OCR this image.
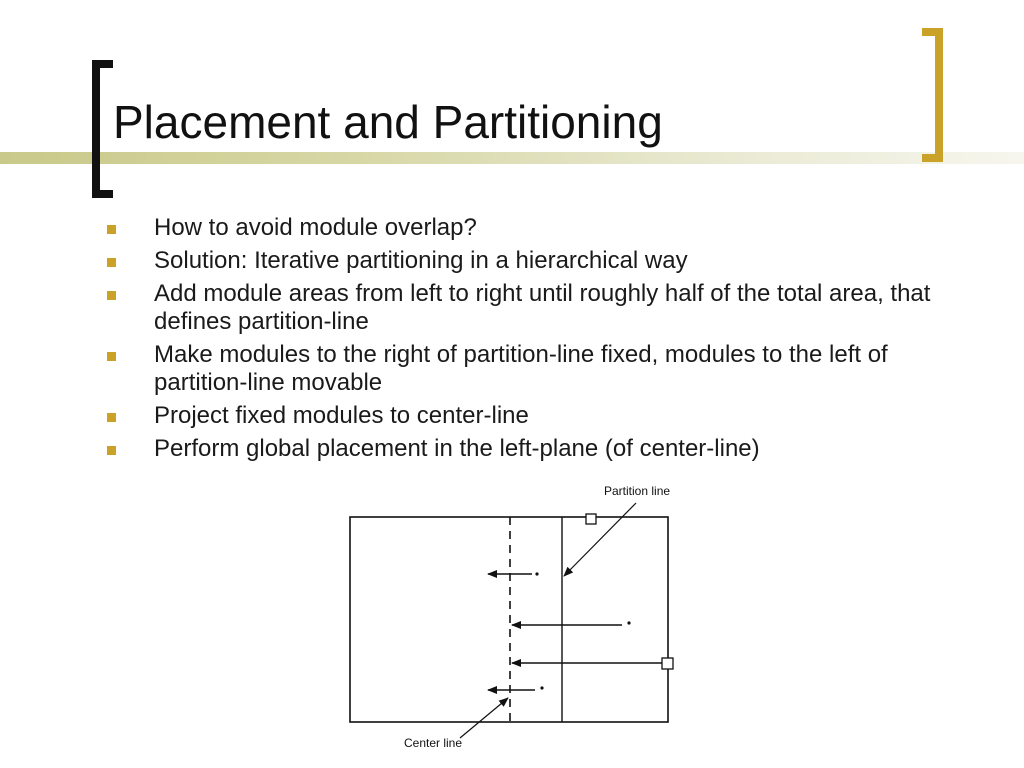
Placement and Partitioning
How to avoid module overlap?
Solution: Iterative partitioning in a hierarchical way
Add module areas from left to right until roughly half of the total area, that defines partition-line
Make modules to the right of partition-line fixed, modules to the left of partition-line movable
Project fixed modules to center-line
Perform global placement in the left-plane (of center-line)
Partition line
Center line
